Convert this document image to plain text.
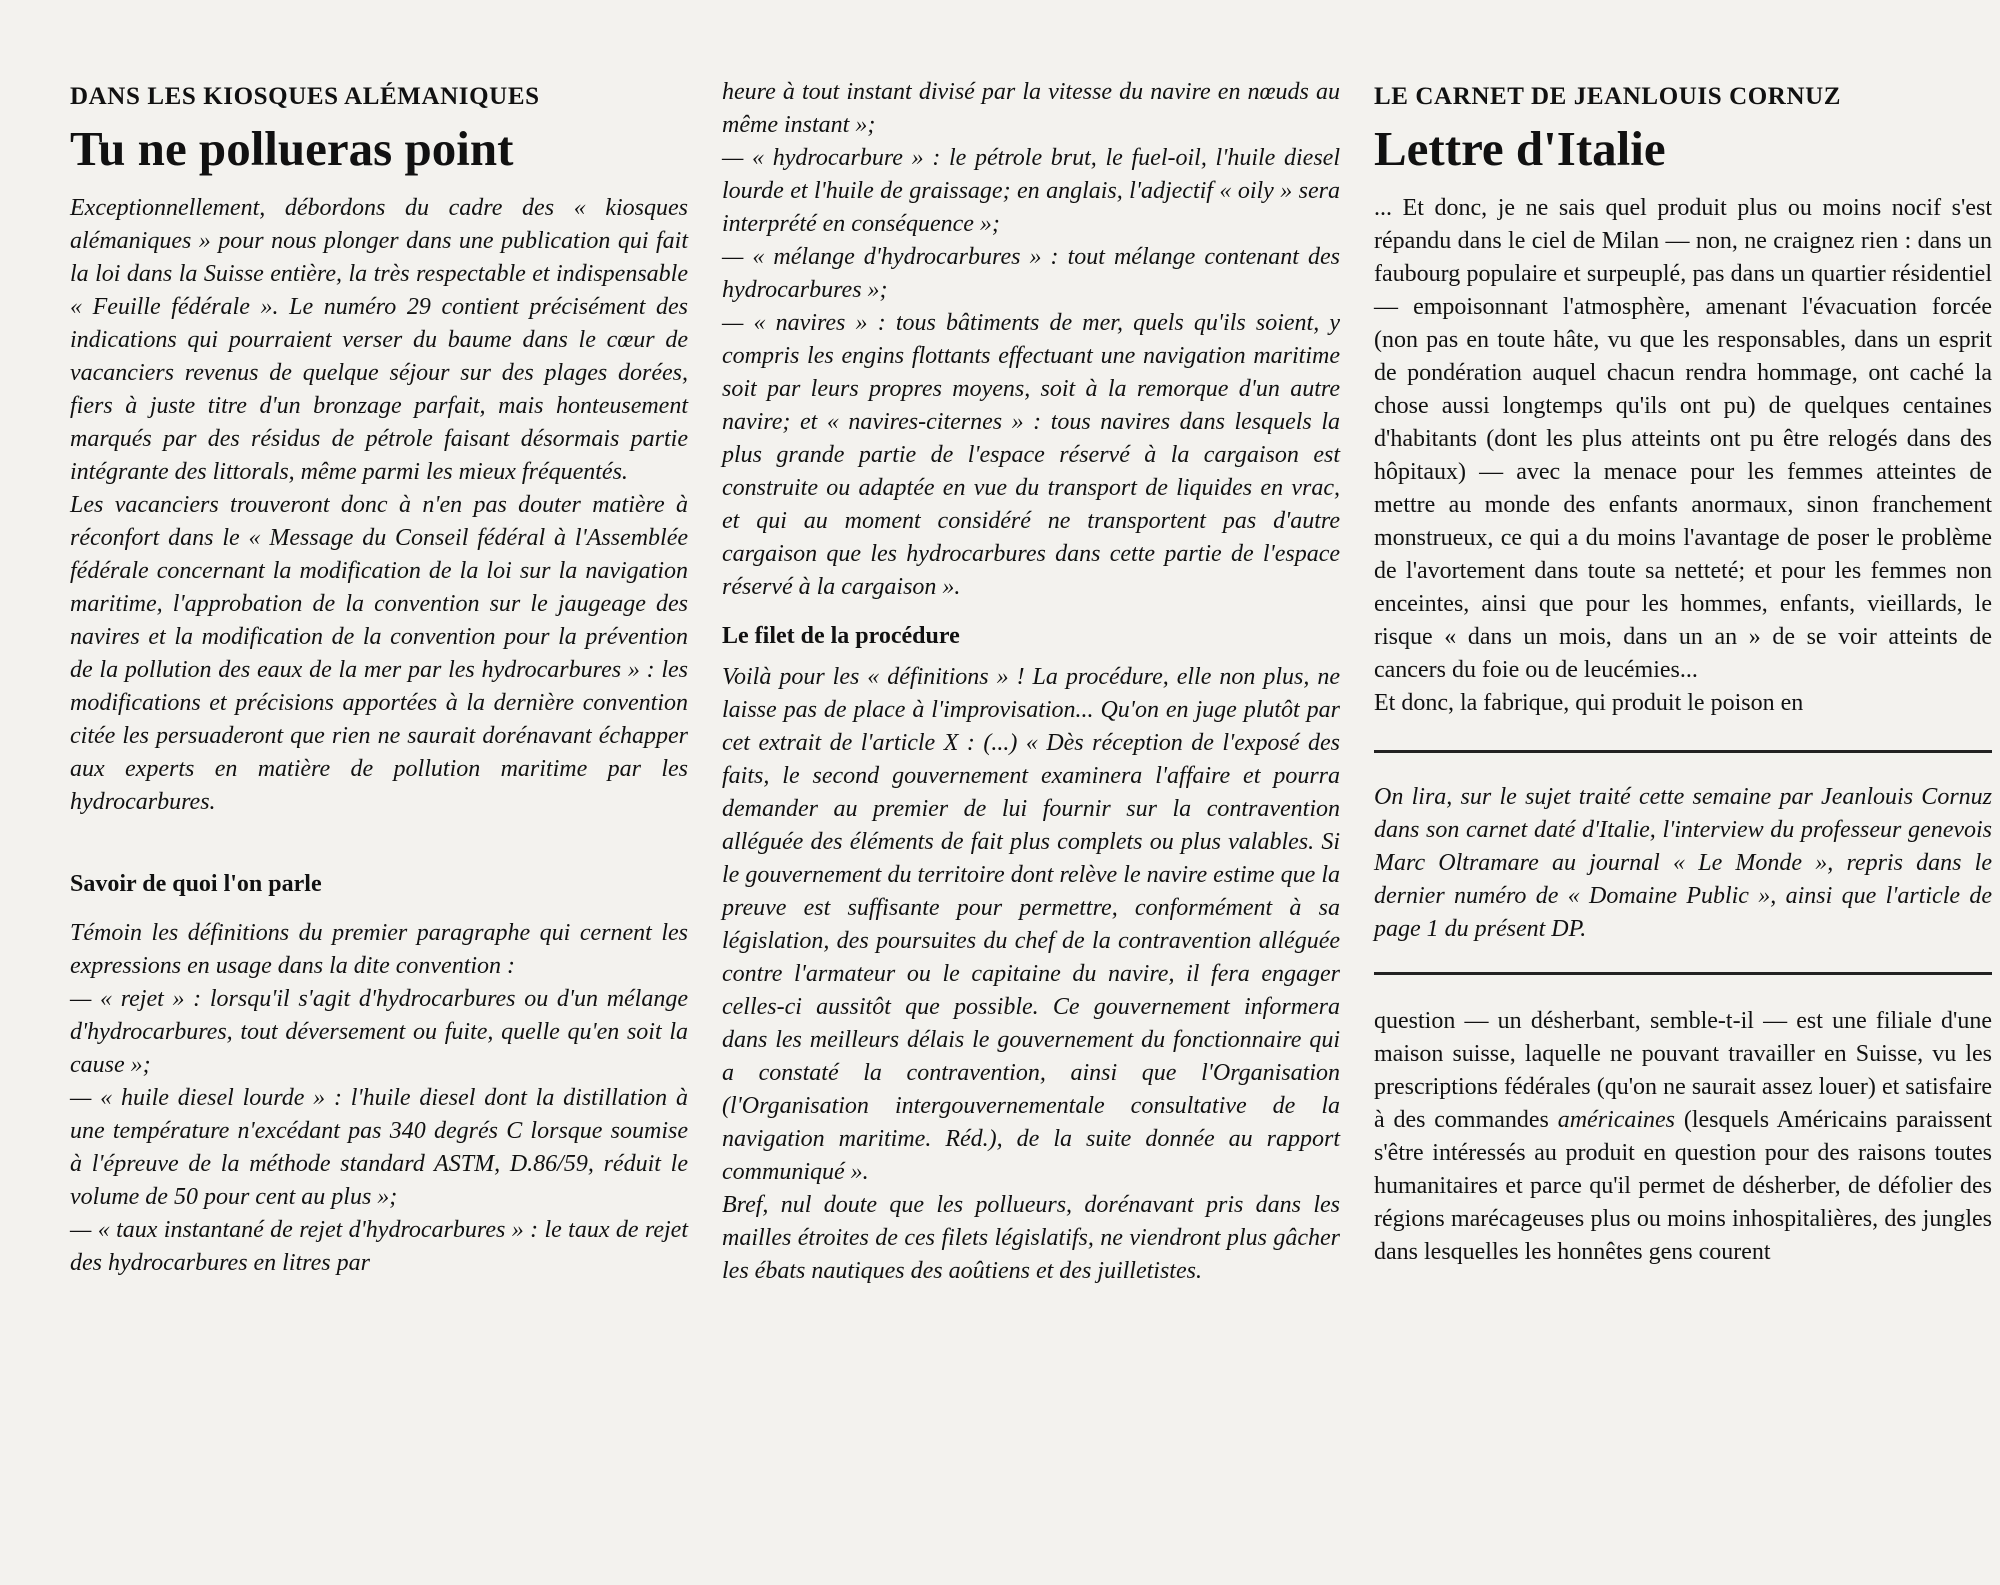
DANS LES KIOSQUES ALÉMANIQUES
Tu ne pollueras point

Exceptionnellement, débordons du cadre des « kiosques alémaniques » pour nous plonger dans une publication qui fait la loi dans la Suisse entière, la très respectable et indispensable « Feuille fédérale ». Le numéro 29 contient précisément des indications qui pourraient verser du baume dans le cœur de vacanciers revenus de quelque séjour sur des plages dorées, fiers à juste titre d'un bronzage parfait, mais honteusement marqués par des résidus de pétrole faisant désormais partie intégrante des littorals, même parmi les mieux fréquentés.

Les vacanciers trouveront donc à n'en pas douter matière à réconfort dans le « Message du Conseil fédéral à l'Assemblée fédérale concernant la modification de la loi sur la navigation maritime, l'approbation de la convention sur le jaugeage des navires et la modification de la convention pour la prévention de la pollution des eaux de la mer par les hydrocarbures » : les modifications et précisions apportées à la dernière convention citée les persuaderont que rien ne saurait dorénavant échapper aux experts en matière de pollution maritime par les hydrocarbures.

Savoir de quoi l'on parle

Témoin les définitions du premier paragraphe qui cernent les expressions en usage dans la dite convention :

— « rejet » : lorsqu'il s'agit d'hydrocarbures ou d'un mélange d'hydrocarbures, tout déversement ou fuite, quelle qu'en soit la cause »;

— « huile diesel lourde » : l'huile diesel dont la distillation à une température n'excédant pas 340 degrés C lorsque soumise à l'épreuve de la méthode standard ASTM, D.86/59, réduit le volume de 50 pour cent au plus »;

— « taux instantané de rejet d'hydrocarbures » : le taux de rejet des hydrocarbures en litres par

heure à tout instant divisé par la vitesse du navire en nœuds au même instant »;

— « hydrocarbure » : le pétrole brut, le fuel-oil, l'huile diesel lourde et l'huile de graissage; en anglais, l'adjectif « oily » sera interprété en conséquence »;

— « mélange d'hydrocarbures » : tout mélange contenant des hydrocarbures »;

— « navires » : tous bâtiments de mer, quels qu'ils soient, y compris les engins flottants effectuant une navigation maritime soit par leurs propres moyens, soit à la remorque d'un autre navire; et « navires-citernes » : tous navires dans lesquels la plus grande partie de l'espace réservé à la cargaison est construite ou adaptée en vue du transport de liquides en vrac, et qui au moment considéré ne transportent pas d'autre cargaison que les hydrocarbures dans cette partie de l'espace réservé à la cargaison ».

Le filet de la procédure

Voilà pour les « définitions » ! La procédure, elle non plus, ne laisse pas de place à l'improvisation... Qu'on en juge plutôt par cet extrait de l'article X : (...) « Dès réception de l'exposé des faits, le second gouvernement examinera l'affaire et pourra demander au premier de lui fournir sur la contravention alléguée des éléments de fait plus complets ou plus valables. Si le gouvernement du territoire dont relève le navire estime que la preuve est suffisante pour permettre, conformément à sa législation, des poursuites du chef de la contravention alléguée contre l'armateur ou le capitaine du navire, il fera engager celles-ci aussitôt que possible. Ce gouvernement informera dans les meilleurs délais le gouvernement du fonctionnaire qui a constaté la contravention, ainsi que l'Organisation (l'Organisation intergouvernementale consultative de la navigation maritime. Réd.), de la suite donnée au rapport communiqué ».

Bref, nul doute que les pollueurs, dorénavant pris dans les mailles étroites de ces filets législatifs, ne viendront plus gâcher les ébats nautiques des aoûtiens et des juilletistes.

LE CARNET DE JEANLOUIS CORNUZ
Lettre d'Italie

... Et donc, je ne sais quel produit plus ou moins nocif s'est répandu dans le ciel de Milan — non, ne craignez rien : dans un faubourg populaire et surpeuplé, pas dans un quartier résidentiel — empoisonnant l'atmosphère, amenant l'évacuation forcée (non pas en toute hâte, vu que les responsables, dans un esprit de pondération auquel chacun rendra hommage, ont caché la chose aussi longtemps qu'ils ont pu) de quelques centaines d'habitants (dont les plus atteints ont pu être relogés dans des hôpitaux) — avec la menace pour les femmes atteintes de mettre au monde des enfants anormaux, sinon franchement monstrueux, ce qui a du moins l'avantage de poser le problème de l'avortement dans toute sa netteté; et pour les femmes non enceintes, ainsi que pour les hommes, enfants, vieillards, le risque « dans un mois, dans un an » de se voir atteints de cancers du foie ou de leucémies...

Et donc, la fabrique, qui produit le poison en

On lira, sur le sujet traité cette semaine par Jeanlouis Cornuz dans son carnet daté d'Italie, l'interview du professeur genevois Marc Oltramare au journal « Le Monde », repris dans le dernier numéro de « Domaine Public », ainsi que l'article de page 1 du présent DP.

question — un désherbant, semble-t-il — est une filiale d'une maison suisse, laquelle ne pouvant travailler en Suisse, vu les prescriptions fédérales (qu'on ne saurait assez louer) et satisfaire à des commandes américaines (lesquels Américains paraissent s'être intéressés au produit en question pour des raisons toutes humanitaires et parce qu'il permet de désherber, de défolier des régions marécageuses plus ou moins inhospitalières, des jungles dans lesquelles les honnêtes gens courent
